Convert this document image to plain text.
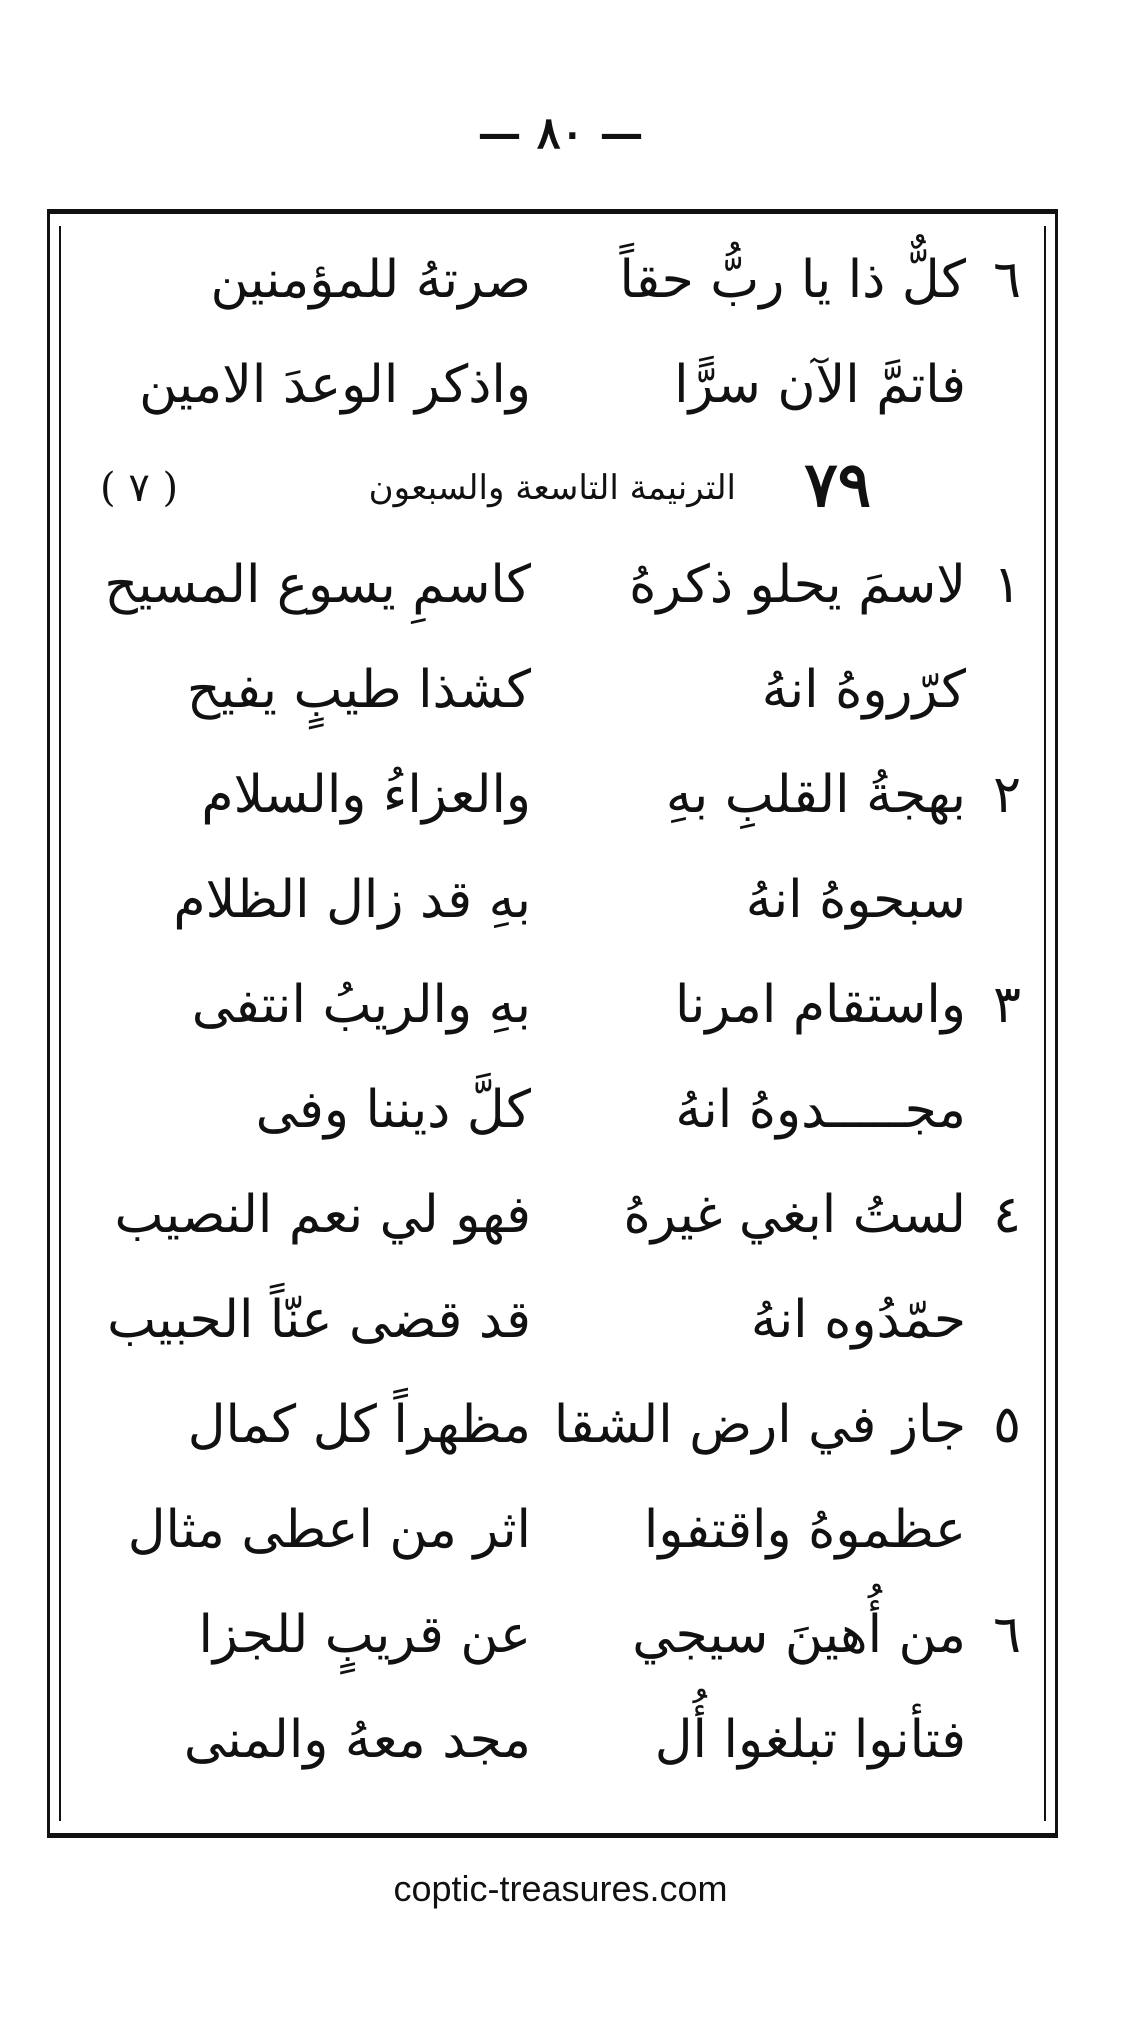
— ٨٠ —
٦
كلٌّ ذا يا ربُّ حقاً
صرتهُ للمؤمنين
فاتمَّ الآن سرًّا
واذكر الوعدَ الامين
٧٩
الترنيمة التاسعة والسبعون
( ٧ )
١
لاسمَ يحلو ذكرهُ
كاسمِ يسوع المسيح
كرّروهُ انهُ
كشذا طيبٍ يفيح
٢
بهجةُ القلبِ بهِ
والعزاءُ والسلام
سبحوهُ انهُ
بهِ قد زال الظلام
٣
واستقام امرنا
بهِ والريبُ انتفى
مجـــــدوهُ انهُ
كلَّ ديننا وفى
٤
لستُ ابغي غيرهُ
فهو لي نعم النصيب
حمّدُوه انهُ
قد قضى عنّاً الحبيب
٥
جاز في ارض الشقا
مظهراً كل كمال
عظموهُ واقتفوا
اثر من اعطى مثال
٦
من أُهينَ سيجي
عن قريبٍ للجزا
فتأنوا تبلغوا أُل
مجد معهُ والمنى
coptic-treasures.com
